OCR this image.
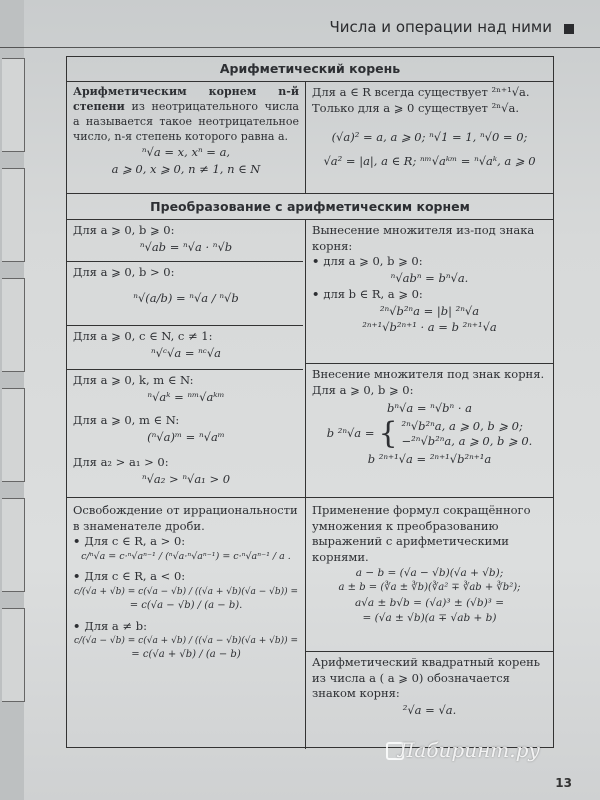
Числа и операции над ними
Арифметический корень
Арифметическим корнем n-й степени из неотрицательного числа a называется такое неотрицательное число, n-я степень которого равна a.
ⁿ√a = x, xⁿ = a,
a ⩾ 0, x ⩾ 0, n ≠ 1, n ∈ N
Для a ∈ R всегда существует ²ⁿ⁺¹√a.
Только для a ⩾ 0 существует ²ⁿ√a.
(√a)² = a, a ⩾ 0; ⁿ√1 = 1, ⁿ√0 = 0;
√a² = |a|, a ∈ R; ⁿᵐ√aᵏᵐ = ⁿ√aᵏ, a ⩾ 0
Преобразование с арифметическим корнем
Для a ⩾ 0, b ⩾ 0:
ⁿ√ab = ⁿ√a · ⁿ√b
Для a ⩾ 0, b > 0:
ⁿ√(a/b) = ⁿ√a / ⁿ√b
Для a ⩾ 0, c ∈ N, c ≠ 1:
ⁿ√ᶜ√a = ⁿᶜ√a
Для a ⩾ 0, k, m ∈ N:
ⁿ√aᵏ = ⁿᵐ√aᵏᵐ
Для a ⩾ 0, m ∈ N:
(ⁿ√a)ᵐ = ⁿ√aᵐ
Для a₂ > a₁ > 0:
ⁿ√a₂ > ⁿ√a₁ > 0
Вынесение множителя из-под знака корня:
• для a ⩾ 0, b ⩾ 0:
ⁿ√abⁿ = bⁿ√a.
• для b ∈ R, a ⩾ 0:
²ⁿ√b²ⁿa = |b| ²ⁿ√a
²ⁿ⁺¹√b²ⁿ⁺¹ · a = b ²ⁿ⁺¹√a
Внесение множителя под знак корня. Для a ⩾ 0, b ⩾ 0:
bⁿ√a = ⁿ√bⁿ · a
b ²ⁿ√a = { ²ⁿ√b²ⁿa, a ⩾ 0, b ⩾ 0;
−²ⁿ√b²ⁿa, a ⩾ 0, b ⩾ 0.
b ²ⁿ⁺¹√a = ²ⁿ⁺¹√b²ⁿ⁺¹a
Освобождение от иррациональности в знаменателе дроби.
• Для c ∈ R, a > 0:
c/ⁿ√a = c·ⁿ√aⁿ⁻¹ / (ⁿ√a·ⁿ√aⁿ⁻¹) = c·ⁿ√aⁿ⁻¹ / a .
• Для c ∈ R, a < 0:
c/(√a + √b) = c(√a − √b) / ((√a + √b)(√a − √b)) =
= c(√a − √b) / (a − b).
• Для a ≠ b:
c/(√a − √b) = c(√a + √b) / ((√a − √b)(√a + √b)) =
= c(√a + √b) / (a − b)
Применение формул сокращённого умножения к преобразованию выражений с арифметическими корнями.
a − b = (√a − √b)(√a + √b);
a ± b = (∛a ± ∛b)(∛a² ∓ ∛ab + ∛b²);
a√a ± b√b = (√a)³ ± (√b)³ =
= (√a ± √b)(a ∓ √ab + b)
Арифметический квадратный корень из числа a ( a ⩾ 0) обозначается знаком корня:
²√a = √a.
Лабиринт.ру
13
